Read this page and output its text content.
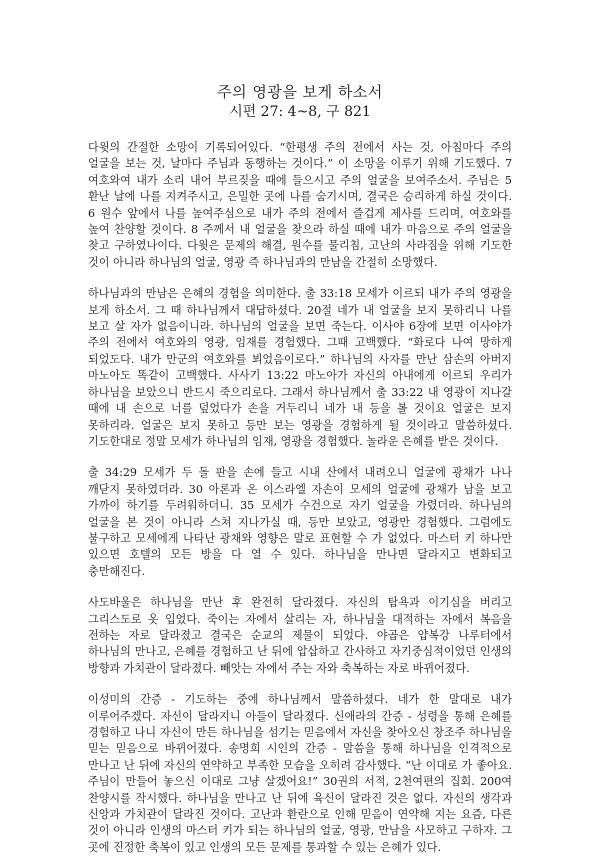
주의 영광을 보게 하소서
시편 27: 4~8, 구 821

다윗의 간절한 소망이 기록되어있다. “한평생 주의 전에서 사는 것, 아침마다 주의 얼굴을 보는 것, 날마다 주님과 동행하는 것이다.” 이 소망을 이루기 위해 기도했다. 7 여호와여 내가 소리 내어 부르짖을 때에 들으시고 주의 얼굴을 보여주소서. 주님은 5 환난 날에 나를 지켜주시고, 은밀한 곳에 나를 숨기시며, 결국은 승리하게 하실 것이다. 6 원수 앞에서 나를 높여주심으로 내가 주의 전에서 즐겁게 제사를 드리며, 여호와를 높여 찬양할 것이다. 8 주께서 내 얼굴을 찾으라 하실 때에 내가 마음으로 주의 얼굴을 찾고 구하였나이다. 다윗은 문제의 해결, 원수를 물리침, 고난의 사라짐을 위해 기도한 것이 아니라 하나님의 얼굴, 영광 즉 하나님과의 만남을 간절히 소망했다.

하나님과의 만남은 은혜의 경험을 의미한다. 출 33:18 모세가 이르되 내가 주의 영광을 보게 하소서. 그 때 하나님께서 대답하셨다. 20절 네가 내 얼굴을 보지 못하리니 나를 보고 살 자가 없음이니라. 하나님의 얼굴을 보면 죽는다. 이사야 6장에 보면 이사야가 주의 전에서 여호와의 영광, 임재를 경험했다. 그때 고백했다. “화로다 나여 망하게 되었도다. 내가 만군의 여호와를 뵈었음이로다.” 하나님의 사자를 만난 삼손의 아버지 마노아도 똑같이 고백했다. 사사기 13:22 마노아가 자신의 아내에게 이르되 우리가 하나님을 보았으니 반드시 죽으리로다. 그래서 하나님께서 출 33:22 내 영광이 지나갈 때에 내 손으로 너를 덮었다가 손을 거두리니 네가 내 등을 볼 것이요 얼굴은 보지 못하리라. 얼굴은 보지 못하고 등만 보는 영광을 경험하게 될 것이라고 말씀하셨다. 기도한대로 정말 모세가 하나님의 임재, 영광을 경험했다. 놀라운 은혜를 받은 것이다.

출 34:29 모세가 두 돌 판을 손에 들고 시내 산에서 내려오니 얼굴에 광채가 나나 깨닫지 못하였더라. 30 아론과 온 이스라엘 자손이 모세의 얼굴에 광채가 남을 보고 가까이 하기를 두려워하더니. 35 모세가 수건으로 자기 얼굴을 가렸더라. 하나님의 얼굴을 본 것이 아니라 스쳐 지나가실 때, 등만 보았고, 영광만 경험했다. 그럼에도 불구하고 모세에게 나타난 광채와 영향은 말로 표현할 수 가 없었다. 마스터 키 하나만 있으면 호텔의 모든 방을 다 열 수 있다. 하나님을 만나면 달라지고 변화되고 충만해진다.

사도바울은 하나님을 만난 후 완전히 달라졌다. 자신의 탐욕과 이기심을 버리고 그리스도로 옷 입었다. 죽이는 자에서 살리는 자, 하나님을 대적하는 자에서 복음을 전하는 자로 달라졌고 결국은 순교의 제물이 되었다. 야곱은 얍복강 나루터에서 하나님의 만나고, 은혜를 경험하고 난 뒤에 압삽하고 간사하고 자기중심적이었던 인생의 방향과 가치관이 달라졌다. 빼앗는 자에서 주는 자와 축복하는 자로 바뀌어졌다.

이성미의 간증 - 기도하는 중에 하나님께서 말씀하셨다. 네가 한 말대로 내가 이루어주겠다. 자신이 달라지니 아들이 달라졌다. 신애라의 간증 - 성령을 통해 은혜를 경험하고 나니 자신이 만든 하나님을 섬기는 믿음에서 자신을 찾아오신 창조주 하나님을 믿는 믿음으로 바뀌어졌다. 송명희 시인의 간증 - 말씀을 통해 하나님을 인격적으로 만나고 난 뒤에 자신의 연약하고 부족한 모습을 오히려 감사했다. “난 이대로 가 좋아요. 주님이 만들어 놓으신 이대로 그냥 살겠어요!” 30권의 서적, 2천여편의 집회. 200여 찬양시를 작시했다. 하나님을 만나고 난 뒤에 육신이 달라진 것은 없다. 자신의 생각과 신앙과 가치관이 달라진 것이다. 고난과 환란으로 인해 믿음이 연약해 지는 요즘, 다른 것이 아니라 인생의 마스터 키가 되는 하나님의 얼굴, 영광, 만남을 사모하고 구하자. 그 곳에 진정한 축복이 있고 인생의 모든 문제를 통과할 수 있는 은혜가 있다.
